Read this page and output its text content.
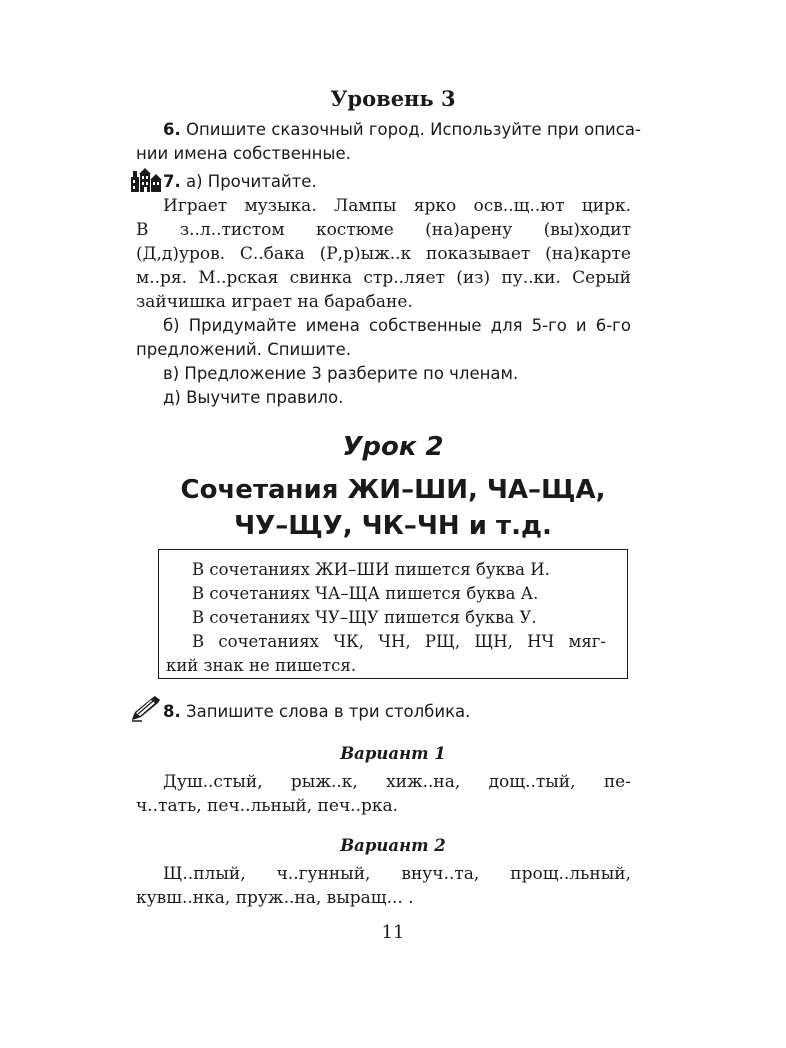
Уровень 3
6. Опишите сказочный город. Используйте при описа-
нии имена собственные.
7. а) Прочитайте.
Играет музыка. Лампы ярко осв..щ..ют цирк.
В з..л..тистом костюме (на)арену (вы)ходит
(Д,д)уров. С..бака (Р,р)ыж..к показывает (на)карте
м..ря. М..рская свинка стр..ляет (из) пу..ки. Серый
зайчишка играет на барабане.
б) Придумайте имена собственные для 5-го и 6-го
предложений. Спишите.
в) Предложение 3 разберите по членам.
д) Выучите правило.
Урок 2
Сочетания ЖИ–ШИ, ЧА–ЩА,
ЧУ–ЩУ, ЧК–ЧН и т.д.
В сочетаниях ЖИ–ШИ пишется буква И.
В сочетаниях ЧА–ЩА пишется буква А.
В сочетаниях ЧУ–ЩУ пишется буква У.
В сочетаниях ЧК, ЧН, РЩ, ЩН, НЧ мяг-
кий знак не пишется.
8. Запишите слова в три столбика.
Вариант 1
Душ..стый, рыж..к, хиж..на, дощ..тый, пе-
ч..тать, печ..льный, печ..рка.
Вариант 2
Щ..плый, ч..гунный, внуч..та, прощ..льный,
кувш..нка, пруж..на, выращ... .
11
